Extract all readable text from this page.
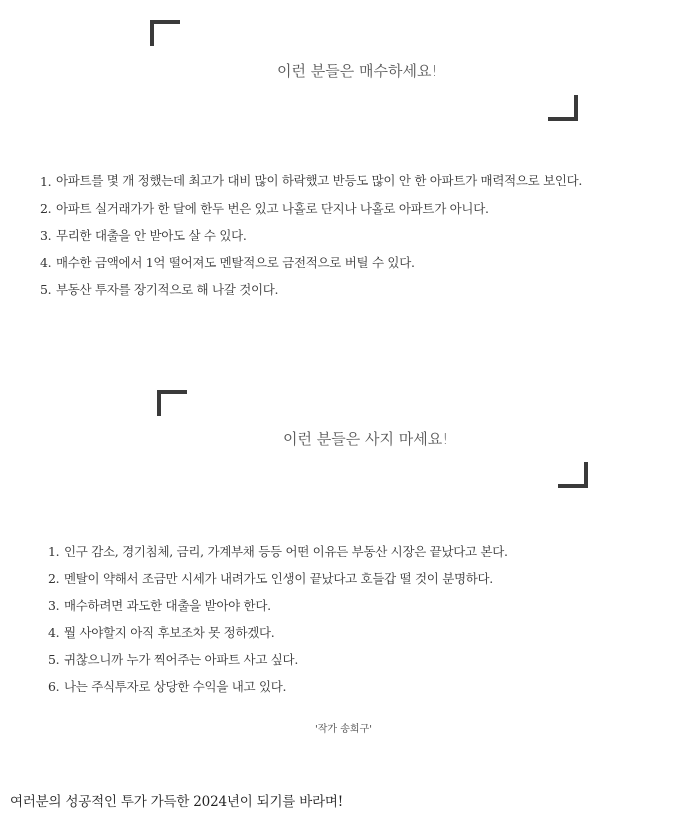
이런 분들은 매수하세요!
1. 아파트를 몇 개 정했는데 최고가 대비 많이 하락했고 반등도 많이 안 한 아파트가 매력적으로 보인다.
2. 아파트 실거래가가 한 달에 한두 번은 있고 나홀로 단지나 나홀로 아파트가 아니다.
3. 무리한 대출을 안 받아도 살 수 있다.
4. 매수한 금액에서 1억 떨어져도 멘탈적으로 금전적으로 버틸 수 있다.
5. 부동산 투자를 장기적으로 해 나갈 것이다.
이런 분들은 사지 마세요!
1. 인구 감소, 경기침체, 금리, 가계부채 등등 어떤 이유든 부동산 시장은 끝났다고 본다.
2. 멘탈이 약해서 조금만 시세가 내려가도 인생이 끝났다고 호들갑 떨 것이 분명하다.
3. 매수하려면 과도한 대출을 받아야 한다.
4. 뭘 사야할지 아직 후보조차 못 정하겠다.
5. 귀찮으니까 누가 찍어주는 아파트 사고 싶다.
6. 나는 주식투자로 상당한 수익을 내고 있다.
'작가 송희구'
여러분의 성공적인 투가 가득한 2024년이 되기를 바라며!
